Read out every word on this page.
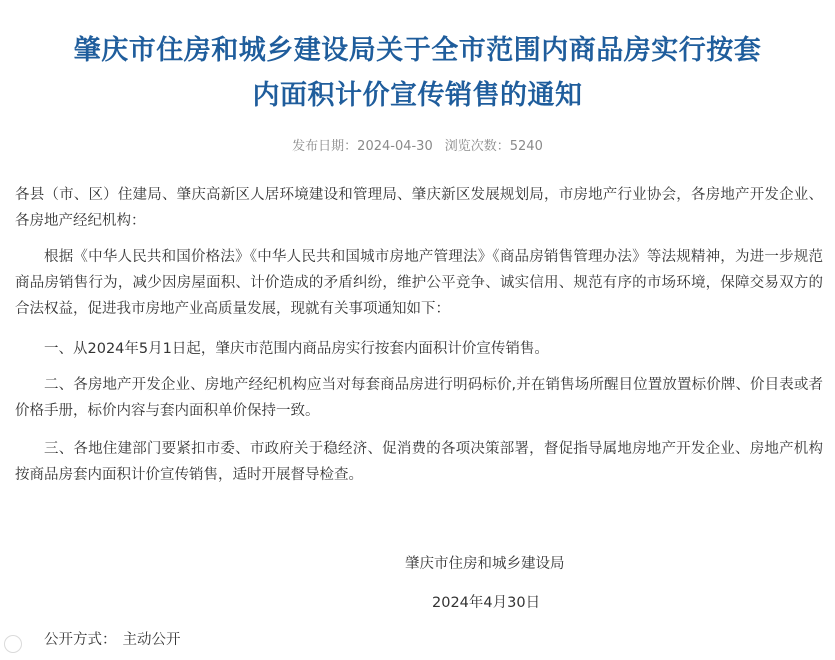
肇庆市住房和城乡建设局关于全市范围内商品房实行按套
内面积计价宣传销售的通知
发布日期：2024-04-30 浏览次数：5240

各县（市、区）住建局、肇庆高新区人居环境建设和管理局、肇庆新区发展规划局，市房地产行业协会，各房地产开发企业、各房地产经纪机构：

根据《中华人民共和国价格法》《中华人民共和国城市房地产管理法》《商品房销售管理办法》等法规精神，为进一步规范商品房销售行为，减少因房屋面积、计价造成的矛盾纠纷，维护公平竞争、诚实信用、规范有序的市场环境，保障交易双方的合法权益，促进我市房地产业高质量发展，现就有关事项通知如下：

一、从2024年5月1日起，肇庆市范围内商品房实行按套内面积计价宣传销售。

二、各房地产开发企业、房地产经纪机构应当对每套商品房进行明码标价,并在销售场所醒目位置放置标价牌、价目表或者价格手册，标价内容与套内面积单价保持一致。

三、各地住建部门要紧扣市委、市政府关于稳经济、促消费的各项决策部署，督促指导属地房地产开发企业、房地产机构按商品房套内面积计价宣传销售，适时开展督导检查。

肇庆市住房和城乡建设局
2024年4月30日
公开方式： 主动公开
